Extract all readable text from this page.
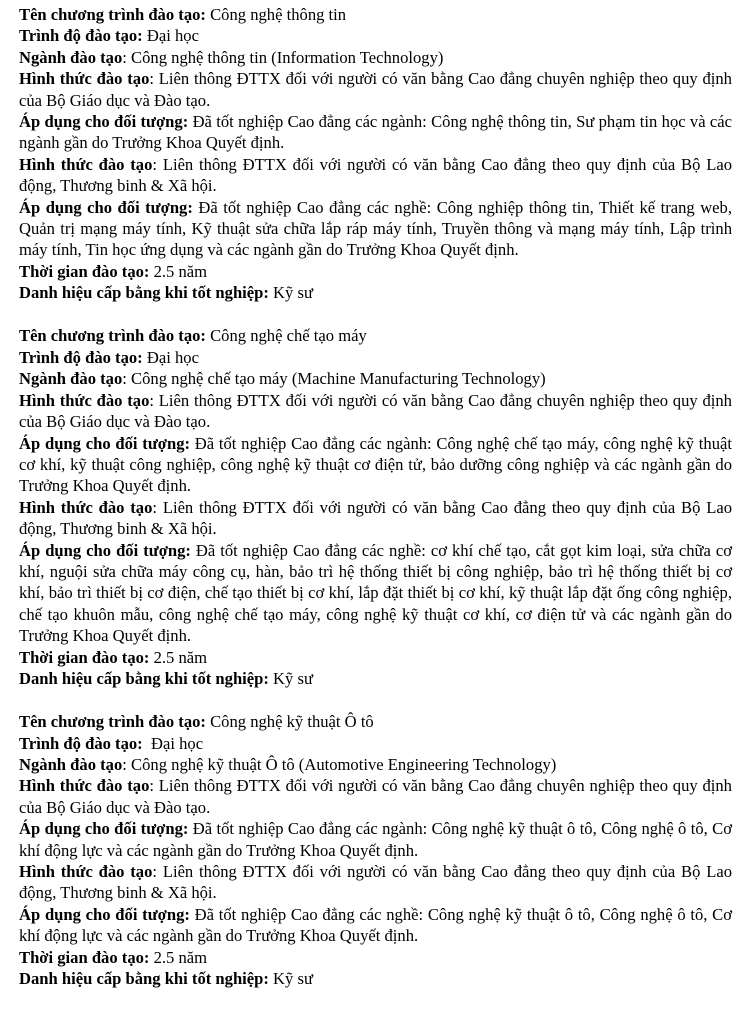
Tên chương trình đào tạo: Công nghệ thông tin

Trình độ đào tạo: Đại học

Ngành đào tạo: Công nghệ thông tin (Information Technology)

Hình thức đào tạo: Liên thông ĐTTX đối với người có văn bằng Cao đẳng chuyên nghiệp theo quy định của Bộ Giáo dục và Đào tạo.

Áp dụng cho đối tượng: Đã tốt nghiệp Cao đẳng các ngành: Công nghệ thông tin, Sư phạm tin học và các ngành gần do Trưởng Khoa Quyết định.

Hình thức đào tạo: Liên thông ĐTTX đối với người có văn bằng Cao đẳng theo quy định của Bộ Lao động, Thương binh & Xã hội.

Áp dụng cho đối tượng: Đã tốt nghiệp Cao đẳng các nghề: Công nghiệp thông tin, Thiết kế trang web, Quản trị mạng máy tính, Kỹ thuật sửa chữa lắp ráp máy tính, Truyền thông và mạng máy tính, Lập trình máy tính, Tin học ứng dụng và các ngành gần do Trưởng Khoa Quyết định.

Thời gian đào tạo: 2.5 năm

Danh hiệu cấp bằng khi tốt nghiệp: Kỹ sư

Tên chương trình đào tạo: Công nghệ chế tạo máy

Trình độ đào tạo: Đại học

Ngành đào tạo: Công nghệ chế tạo máy (Machine Manufacturing Technology)

Hình thức đào tạo: Liên thông ĐTTX đối với người có văn bằng Cao đẳng chuyên nghiệp theo quy định của Bộ Giáo dục và Đào tạo.

Áp dụng cho đối tượng: Đã tốt nghiệp Cao đẳng các ngành: Công nghệ chế tạo máy, công nghệ kỹ thuật cơ khí, kỹ thuật công nghiệp, công nghệ kỹ thuật cơ điện tử, bảo dưỡng công nghiệp và các ngành gần do Trưởng Khoa Quyết định.

Hình thức đào tạo: Liên thông ĐTTX đối với người có văn bằng Cao đẳng theo quy định của Bộ Lao động, Thương binh & Xã hội.

Áp dụng cho đối tượng: Đã tốt nghiệp Cao đẳng các nghề: cơ khí chế tạo, cắt gọt kim loại, sửa chữa cơ khí, nguội sửa chữa máy công cụ, hàn, bảo trì hệ thống thiết bị công nghiệp, bảo trì hệ thống thiết bị cơ khí, bảo trì thiết bị cơ điện, chế tạo thiết bị cơ khí, lắp đặt thiết bị cơ khí, kỹ thuật lắp đặt ống công nghiệp, chế tạo khuôn mẫu, công nghệ chế tạo máy, công nghệ kỹ thuật cơ khí, cơ điện tử và các ngành gần do Trưởng Khoa Quyết định.

Thời gian đào tạo: 2.5 năm

Danh hiệu cấp bằng khi tốt nghiệp: Kỹ sư

Tên chương trình đào tạo: Công nghệ kỹ thuật Ô tô

Trình độ đào tạo:  Đại học

Ngành đào tạo: Công nghệ kỹ thuật Ô tô (Automotive Engineering Technology)

Hình thức đào tạo: Liên thông ĐTTX đối với người có văn bằng Cao đẳng chuyên nghiệp theo quy định của Bộ Giáo dục và Đào tạo.

Áp dụng cho đối tượng: Đã tốt nghiệp Cao đẳng các ngành: Công nghệ kỹ thuật ô tô, Công nghệ ô tô, Cơ khí động lực và các ngành gần do Trưởng Khoa Quyết định.

Hình thức đào tạo: Liên thông ĐTTX đối với người có văn bằng Cao đẳng theo quy định của Bộ Lao động, Thương binh & Xã hội.

Áp dụng cho đối tượng: Đã tốt nghiệp Cao đẳng các nghề: Công nghệ kỹ thuật ô tô, Công nghệ ô tô, Cơ khí động lực và các ngành gần do Trưởng Khoa Quyết định.

Thời gian đào tạo: 2.5 năm

Danh hiệu cấp bằng khi tốt nghiệp: Kỹ sư
